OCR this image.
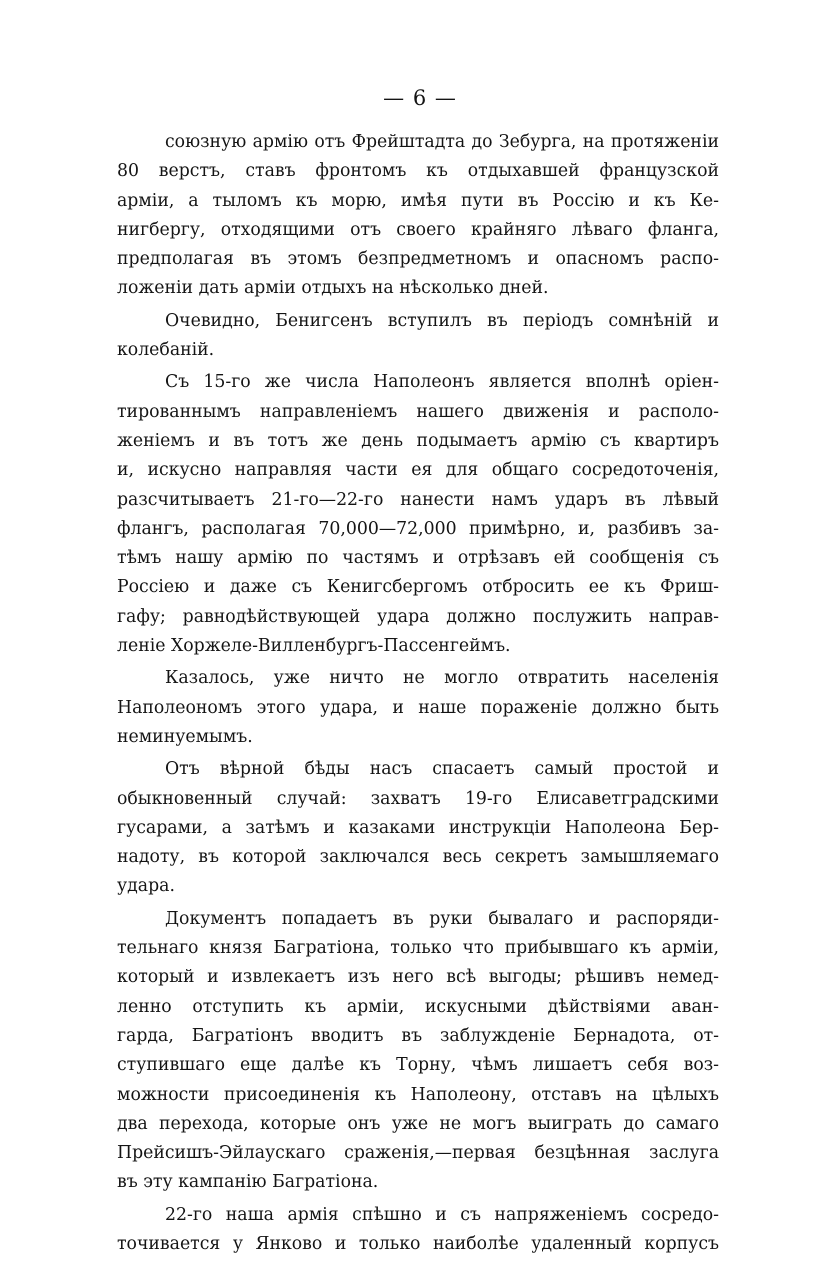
— 6 —
союзную армію отъ Фрейштадта до Зебурга, на протяженіи
80 верстъ, ставъ фронтомъ къ отдыхавшей французской
арміи, а тыломъ къ морю, имѣя пути въ Россію и къ Ке-
нигбергу, отходящими отъ своего крайняго лѣваго фланга,
предполагая въ этомъ безпредметномъ и опасномъ распо-
ложеніи дать арміи отдыхъ на нѣсколько дней.
Очевидно, Бенигсенъ вступилъ въ періодъ сомнѣній и
колебаній.
Съ 15-го же числа Наполеонъ является вполнѣ оріен-
тированнымъ направленіемъ нашего движенія и располо-
женіемъ и въ тотъ же день подымаетъ армію съ квартиръ
и, искусно направляя части ея для общаго сосредоточенія,
разсчитываетъ 21-го—22-го нанести намъ ударъ въ лѣвый
флангъ, располагая 70,000—72,000 примѣрно, и, разбивъ за-
тѣмъ нашу армію по частямъ и отрѣзавъ ей сообщенія съ
Россіею и даже съ Кенигсбергомъ отбросить ее къ Фриш-
гафу; равнодѣйствующей удара должно послужить направ-
леніе Хоржеле-Вилленбургъ-Пассенгеймъ.
Казалось, уже ничто не могло отвратить населенія
Наполеономъ этого удара, и наше пораженіе должно быть
неминуемымъ.
Отъ вѣрной бѣды насъ спасаетъ самый простой и
обыкновенный случай: захватъ 19-го Елисаветградскими
гусарами, а затѣмъ и казаками инструкціи Наполеона Бер-
надоту, въ которой заключался весь секретъ замышляемаго
удара.
Документъ попадаетъ въ руки бывалаго и распоряди-
тельнаго князя Багратіона, только что прибывшаго къ арміи,
который и извлекаетъ изъ него всѣ выгоды; рѣшивъ немед-
ленно отступить къ арміи, искусными дѣйствіями аван-
гарда, Багратіонъ вводитъ въ заблужденіе Бернадота, от-
ступившаго еще далѣе къ Торну, чѣмъ лишаетъ себя воз-
можности присоединенія къ Наполеону, отставъ на цѣлыхъ
два перехода, которые онъ уже не могъ выиграть до самаго
Прейсишъ-Эйлаускаго сраженія,—первая безцѣнная заслуга
въ эту кампанію Багратіона.
22-го наша армія спѣшно и съ напряженіемъ сосредо-
точивается у Янково и только наиболѣе удаленный корпусъ
